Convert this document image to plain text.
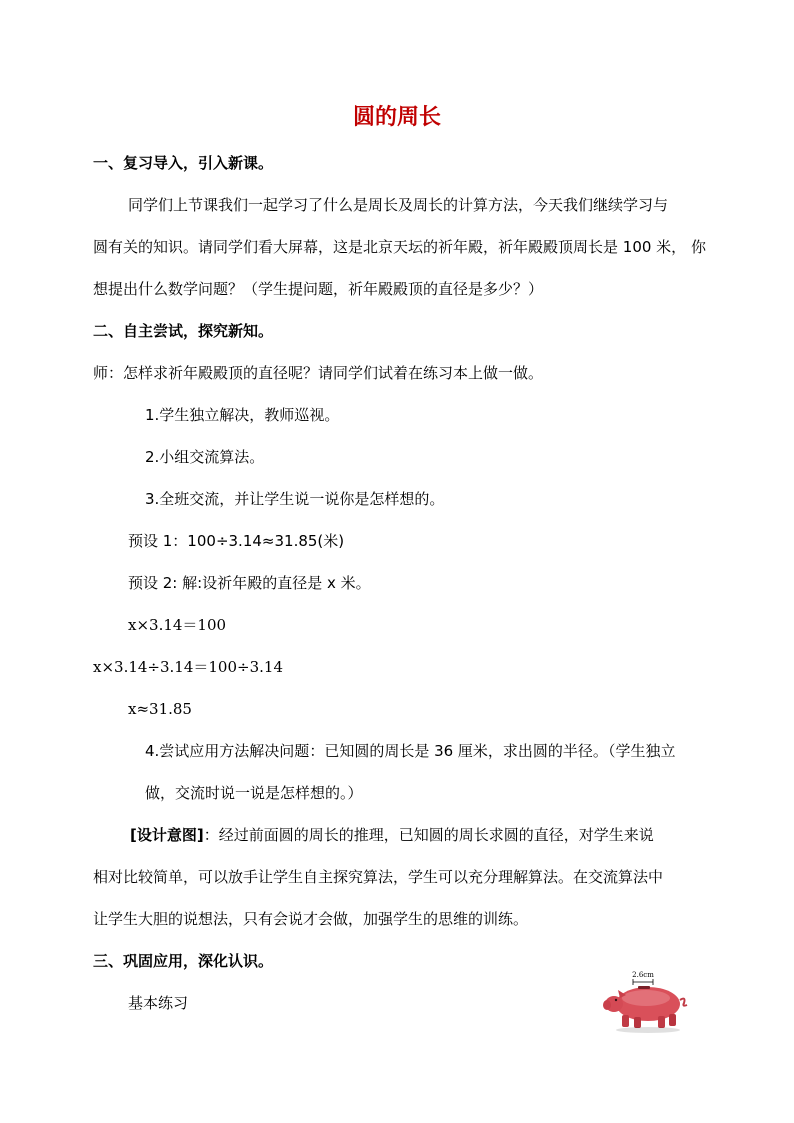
圆的周长
一、复习导入，引入新课。
同学们上节课我们一起学习了什么是周长及周长的计算方法，今天我们继续学习与
圆有关的知识。请同学们看大屏幕，这是北京天坛的祈年殿，祈年殿殿顶周长是 100 米， 你
想提出什么数学问题？（学生提问题，祈年殿殿顶的直径是多少？）
二、自主尝试，探究新知。
师：怎样求祈年殿殿顶的直径呢？请同学们试着在练习本上做一做。
1.学生独立解决，教师巡视。
2.小组交流算法。
3.全班交流，并让学生说一说你是怎样想的。
预设 1：100÷3.14≈31.85(米)
预设 2: 解:设祈年殿的直径是 x 米。
x×3.14＝100
x×3.14÷3.14＝100÷3.14
x≈31.85
4.尝试应用方法解决问题：已知圆的周长是 36 厘米，求出圆的半径。（学生独立
做，交流时说一说是怎样想的。）
[设计意图]：经过前面圆的周长的推理，已知圆的周长求圆的直径，对学生来说
相对比较简单，可以放手让学生自主探究算法，学生可以充分理解算法。在交流算法中
让学生大胆的说想法，只有会说才会做，加强学生的思维的训练。
三、巩固应用，深化认识。
基本练习
2.6cm
